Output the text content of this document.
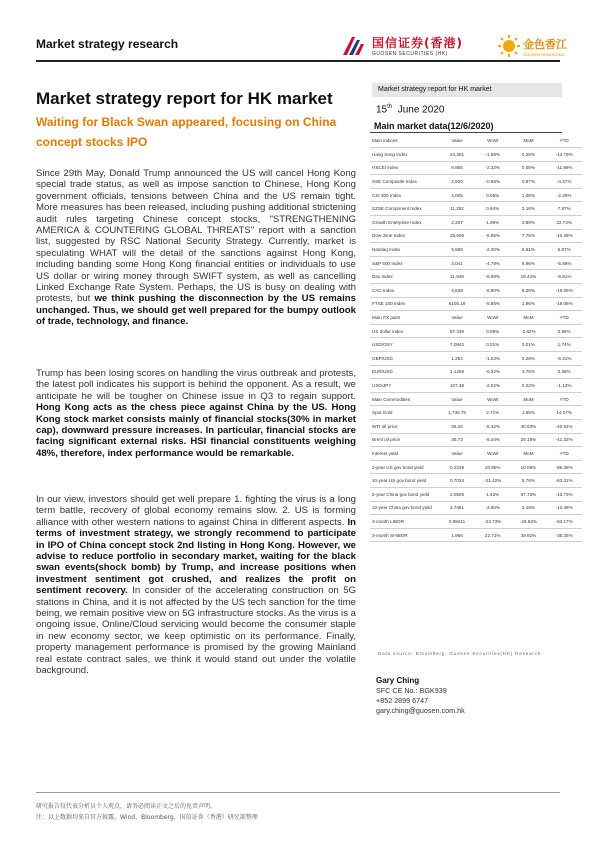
Market strategy research	国信证券(香港)
GUOSEN SECURITIES (HK)
金色香江
GOLDEN HONGKONG
Market strategy report for HK market
Waiting for Black Swan appeared, focusing on China concept stocks IPO

Since 29th May, Donald Trump announced the US will cancel Hong Kong special trade status, as well as impose sanction to Chinese, Hong Kong government officials, tensions between China and the US remain tight. More measures has been released, including pushing additional strictening audit rules targeting Chinese concept stocks, "STRENGTHENING AMERICA & COUNTERING GLOBAL THREATS" report with a sanction list, suggested by RSC National Security Strategy. Currently, market is speculating WHAT will the detail of the sanctions against Hong Kong, including banding some Hong Kong financial entities or individuals to use US dollar or wiring money through SWIFT system, as well as cancelling Linked Exchange Rate System. Perhaps, the US is busy on dealing with protests, but we think pushing the disconnection by the US remains unchanged. Thus, we should get well prepared for the bumpy outlook of trade, technology, and finance.

Trump has been losing scores on handling the virus outbreak and protests, the latest poll indicates his support is behind the opponent. As a result, we anticipate he will be tougher on Chinese issue in Q3 to regain support. Hong Kong acts as the chess piece against China by the US. Hong Kong stock market consists mainly of financial stocks(30% in market cap), downward pressure increases. In particular, financial stocks are facing significant external risks. HSI financial constituents weighing 48%, therefore, index performance would be remarkable.

In our view, investors should get well prepare 1. fighting the virus is a long term battle, recovery of global economy remains slow. 2. US is forming alliance with other western nations to against China in different aspects. In terms of investment strategy, we strongly recommend to participate in IPO of China concept stock 2nd listing in Hong Kong. However, we advise to reduce portfolio in secondary market, waiting for the black swan events(shock bomb) by Trump, and increase positions when investment sentiment got crushed, and realizes the profit on sentiment recovery. In consider of the accelerating construction on 5G stations in China, and it is not affected by the US tech sanction for the time being, we remain positive view on 5G infrastructure stocks. As the virus is a ongoing issue, Online/Cloud servicing would become the consumer staple in new economy sector, we keep optimistic on its performance. Finally, property management performance is promised by the growing Mainland real estate contract sales, we think it would stand out under the volatile background.

Market strategy report for HK market
15th June 2020
Main market data(12/6/2020)
Main indices	Value	WoW	MoM	YTD
Hang Seng Index	24,301	-1.89%	0.25%	-13.79%
HSCEI index	9,855	-2.32%	0.00%	-11.96%
SSE Composite Index	2,920	-0.58%	0.97%	-4.27%
CSI 300 Index	4,005	0.05%	1.08%	-2.29%
SZSE Component Index	11,252	0.64%	2.16%	7.87%
Growth Enterprise Index	2,207	1.96%	3.89%	22.73%
Dow Jone Index	25,606	-5.55%	7.75%	-10.28%
Nasdaq Index	9,589	-2.30%	6.51%	6.87%
S&P 500 Index	3,041	-4.78%	5.96%	-5.86%
Dax Index	11,949	-6.99%	10.44%	-9.81%
CAC Index	4,839	-6.90%	8.20%	-19.05%
FTSE 100 Index	6105.18	-5.85%	1.96%	-19.06%
Main FX pairs	Value	WoW	MoM	YTD
US dollar index	97.339	0.99%	-2.82%	0.98%
USD/CNY	7.0842	0.01%	0.01%	1.74%
GBP/USD	1.254	-1.03%	2.28%	-5.41%
EUR/USD	1.1256	-0.32%	3.76%	0.38%
USD/JPY	107.38	-2.02%	0.22%	-1.13%
Main Commodities	Value	WoW	MoM	YTD
Spot Gold	1,730.75	2.71%	1.65%	14.07%
WTI oil price	36.26	-8.32%	40.63%	-40.62%
Brent oil price	38.73	-8.44%	29.19%	-41.32%
Interest yield	Value	WoW	MoM	YTD
2-year US gov bond yield	0.2239	20.85%	10.08%	-86.38%
10-year US gov bond yield	0.7034	-21.42%	5.76%	-63.31%
2-year China gov bond yield	2.0506	1.43%	67.73%	-13.73%
10-year China gov bond yield	2.7451	-3.60%	3.19%	-12.48%
3-month LIBOR	0.89411	-23.73%	-26.63%	-63.17%
3-month SHIBOR	1.966	22.71%	39.92%	-35.25%
Data source: Bloomberg, Guosen Securities(HK) Research
Gary Ching
SFC CE No.: BGK939
+852 2899 6747
gary.ching@guosen.com.hk
研究报告仅代表分析员个人观点，请务必阅读正文之后的免责声明。
注：以上数据均来自官方披露，Wind，Bloomberg，国信证券（香港）研究部整理
